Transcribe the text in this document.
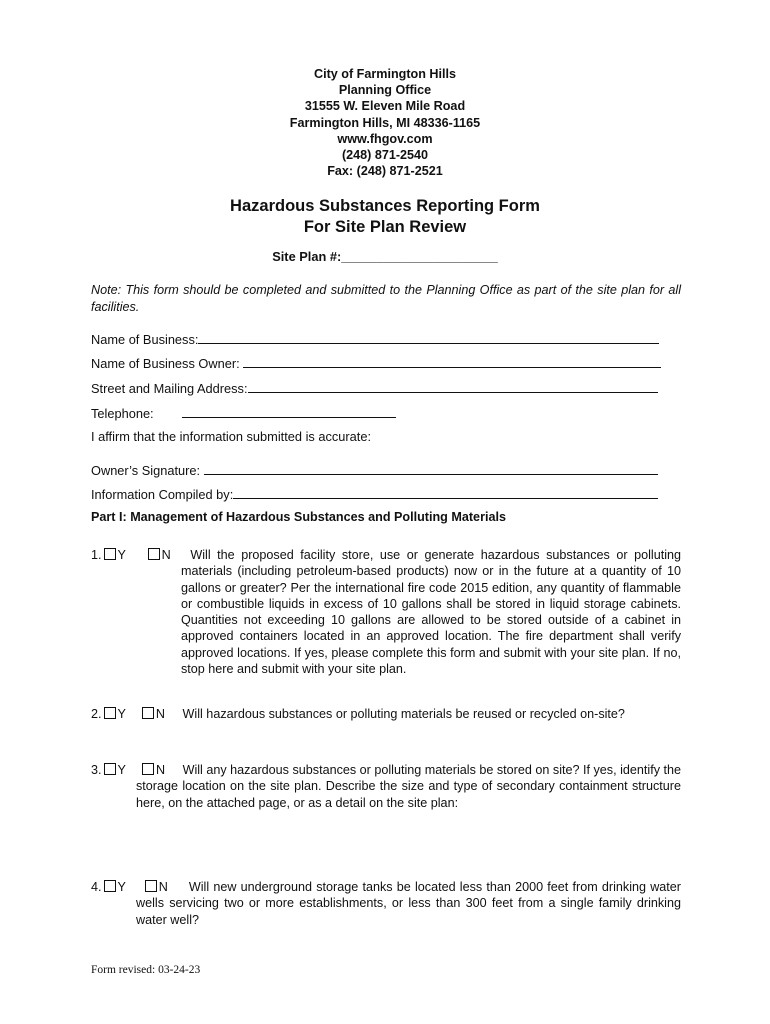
City of Farmington Hills
Planning Office
31555 W. Eleven Mile Road
Farmington Hills, MI 48336-1165
www.fhgov.com
(248) 871-2540
Fax: (248) 871-2521
Hazardous Substances Reporting Form
For Site Plan Review
Site Plan #:______________________
Note: This form should be completed and submitted to the Planning Office as part of the site plan for all facilities.
Name of Business:
Name of Business Owner:
Street and Mailing Address:
Telephone:
I affirm that the information submitted is accurate:
Owner’s Signature:
Information Compiled by:
Part I: Management of Hazardous Substances and Polluting Materials
1. Y	N Will the proposed facility store, use or generate hazardous substances or polluting materials (including petroleum-based products) now or in the future at a quantity of 10 gallons or greater? Per the international fire code 2015 edition, any quantity of flammable or combustible liquids in excess of 10 gallons shall be stored in liquid storage cabinets. Quantities not exceeding 10 gallons are allowed to be stored outside of a cabinet in approved containers located in an approved location. The fire department shall verify approved locations. If yes, please complete this form and submit with your site plan. If no, stop here and submit with your site plan.
2. Y N Will hazardous substances or polluting materials be reused or recycled on-site?
3. Y N Will any hazardous substances or polluting materials be stored on site? If yes, identify the storage location on the site plan. Describe the size and type of secondary containment structure here, on the attached page, or as a detail on the site plan:
4. Y	N Will new underground storage tanks be located less than 2000 feet from drinking water wells servicing two or more establishments, or less than 300 feet from a single family drinking water well?
Form revised: 03-24-23
